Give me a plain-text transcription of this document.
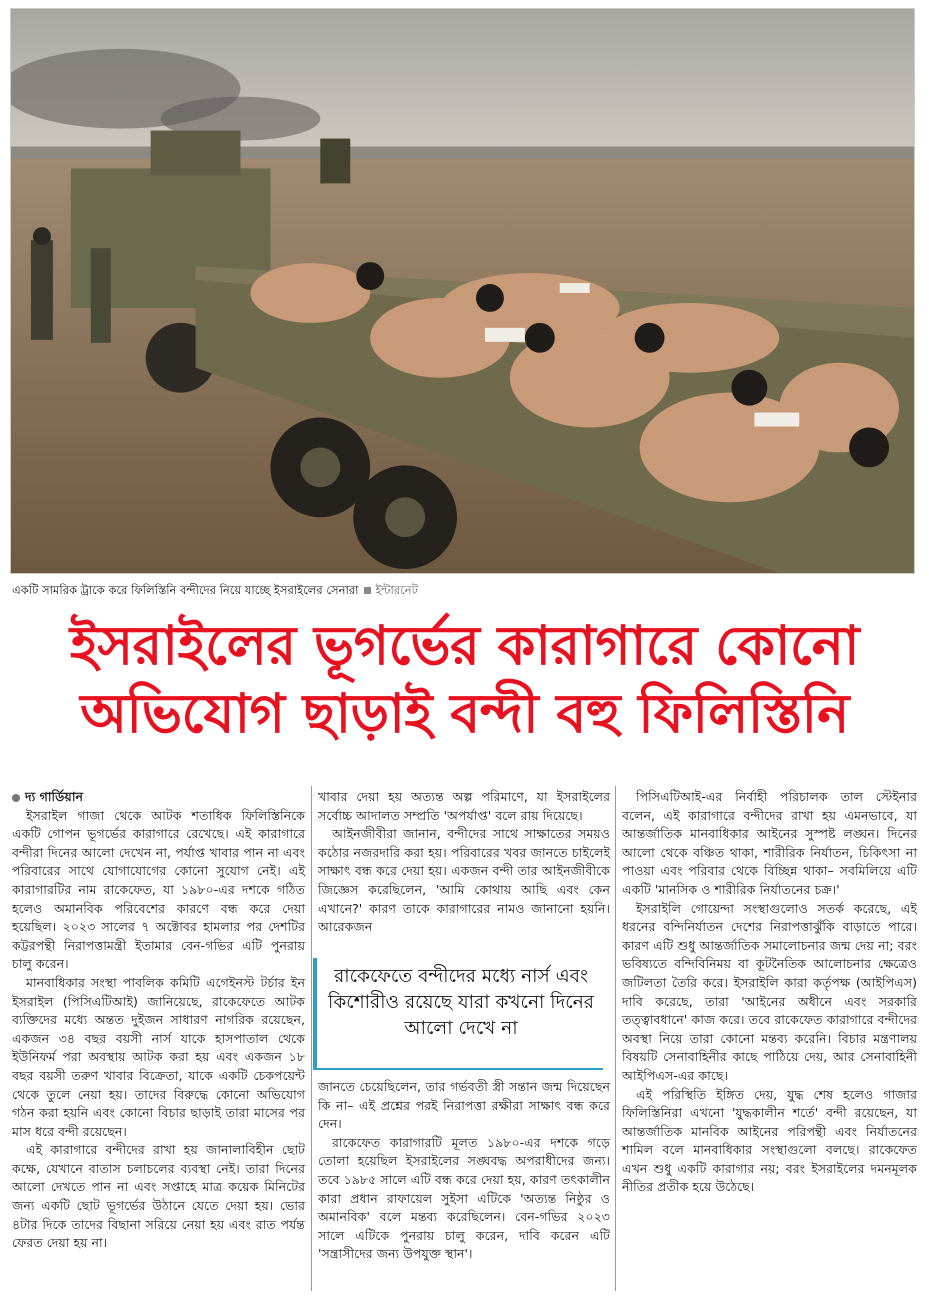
একটি সামরিক ট্রাকে করে ফিলিস্তিনি বন্দীদের নিয়ে যাচ্ছে ইসরাইলের সেনারা ইন্টারনেট
ইসরাইলের ভূগর্ভের কারাগারে কোনো
অভিযোগ ছাড়াই বন্দী বহু ফিলিস্তিনি

দ্য গার্ডিয়ান

ইসরাইল গাজা থেকে আটক শতাধিক ফিলিস্তিনিকে একটি গোপন ভূগর্ভের কারাগারে রেখেছে। এই কারাগারে বন্দীরা দিনের আলো দেখেন না, পর্যাপ্ত খাবার পান না এবং পরিবারের সাথে যোগাযোগের কোনো সুযোগ নেই। এই কারাগারটির নাম রাকেফেত, যা ১৯৮০-এর দশকে গঠিত হলেও অমানবিক পরিবেশের কারণে বন্ধ করে দেয়া হয়েছিল। ২০২৩ সালের ৭ অক্টোবর হামলার পর দেশটির কট্টরপন্থী নিরাপত্তামন্ত্রী ইতামার বেন-গভির এটি পুনরায় চালু করেন।

মানবাধিকার সংস্থা পাবলিক কমিটি এগেইনস্ট টর্চার ইন ইসরাইল (পিসিএটিআই) জানিয়েছে, রাকেফেতে আটক ব্যক্তিদের মধ্যে অন্তত দুইজন সাধারণ নাগরিক রয়েছেন, একজন ৩৪ বছর বয়সী নার্স যাকে হাসপাতাল থেকে ইউনিফর্ম পরা অবস্থায় আটক করা হয় এবং একজন ১৮ বছর বয়সী তরুণ খাবার বিক্রেতা, যাকে একটি চেকপয়েন্ট থেকে তুলে নেয়া হয়। তাদের বিরুদ্ধে কোনো অভিযোগ গঠন করা হয়নি এবং কোনো বিচার ছাড়াই তারা মাসের পর মাস ধরে বন্দী রয়েছেন।

এই কারাগারে বন্দীদের রাখা হয় জানালাবিহীন ছোট কক্ষে, যেখানে বাতাস চলাচলের ব্যবস্থা নেই। তারা দিনের আলো দেখতে পান না এবং সপ্তাহে মাত্র কয়েক মিনিটের জন্য একটি ছোট ভূগর্ভের উঠানে যেতে দেয়া হয়। ভোর ৪টার দিকে তাদের বিছানা সরিয়ে নেয়া হয় এবং রাত পর্যন্ত ফেরত দেয়া হয় না।

খাবার দেয়া হয় অত্যন্ত অল্প পরিমাণে, যা ইসরাইলের সর্বোচ্চ আদালত সম্প্রতি 'অপর্যাপ্ত' বলে রায় দিয়েছে।

আইনজীবীরা জানান, বন্দীদের সাথে সাক্ষাতের সময়ও কঠোর নজরদারি করা হয়। পরিবারের খবর জানতে চাইলেই সাক্ষাৎ বন্ধ করে দেয়া হয়। একজন বন্দী তার আইনজীবীকে জিজ্ঞেস করেছিলেন, 'আমি কোথায় আছি এবং কেন এখানে?' কারণ তাকে কারাগারের নামও জানানো হয়নি। আরেকজন

রাকেফেতে বন্দীদের মধ্যে নার্স এবং কিশোরীও রয়েছে যারা কখনো দিনের আলো দেখে না

জানতে চেয়েছিলেন, তার গর্ভবতী স্ত্রী সন্তান জন্ম দিয়েছেন কি না– এই প্রশ্নের পরই নিরাপত্তা রক্ষীরা সাক্ষাৎ বন্ধ করে দেন।

রাকেফেত কারাগারটি মূলত ১৯৮০-এর দশকে গড়ে তোলা হয়েছিল ইসরাইলের সঙ্ঘবদ্ধ অপরাধীদের জন্য। তবে ১৯৮৫ সালে এটি বন্ধ করে দেয়া হয়, কারণ তৎকালীন কারা প্রধান রাফায়েল সুইসা এটিকে 'অত্যন্ত নিষ্ঠুর ও অমানবিক' বলে মন্তব্য করেছিলেন। বেন-গভির ২০২৩ সালে এটিকে পুনরায় চালু করেন, দাবি করেন এটি 'সন্ত্রাসীদের জন্য উপযুক্ত স্থান'।

পিসিএটিআই-এর নির্বাহী পরিচালক তাল স্টেইনার বলেন, এই কারাগারে বন্দীদের রাখা হয় এমনভাবে, যা আন্তর্জাতিক মানবাধিকার আইনের সুস্পষ্ট লঙ্ঘন। দিনের আলো থেকে বঞ্চিত থাকা, শারীরিক নির্যাতন, চিকিৎসা না পাওয়া এবং পরিবার থেকে বিচ্ছিন্ন থাকা– সবমিলিয়ে এটি একটি 'মানসিক ও শারীরিক নির্যাতনের চক্র।'

ইসরাইলি গোয়েন্দা সংস্থাগুলোও সতর্ক করেছে, এই ধরনের বন্দিনির্যাতন দেশের নিরাপত্তাঝুঁকি বাড়াতে পারে। কারণ এটি শুধু আন্তর্জাতিক সমালোচনার জন্ম দেয় না; বরং ভবিষ্যতে বন্দিবিনিময় বা কূটনৈতিক আলোচনার ক্ষেত্রেও জটিলতা তৈরি করে। ইসরাইলি কারা কর্তৃপক্ষ (আইপিএস) দাবি করেছে, তারা 'আইনের অধীনে এবং সরকারি তত্ত্বাবধানে' কাজ করে। তবে রাকেফেত কারাগারে বন্দীদের অবস্থা নিয়ে তারা কোনো মন্তব্য করেনি। বিচার মন্ত্রণালয় বিষয়টি সেনাবাহিনীর কাছে পাঠিয়ে দেয়, আর সেনাবাহিনী আইপিএস-এর কাছে।

এই পরিস্থিতি ইঙ্গিত দেয়, যুদ্ধ শেষ হলেও গাজার ফিলিস্তিনিরা এখনো 'যুদ্ধকালীন শর্তে' বন্দী রয়েছেন, যা আন্তর্জাতিক মানবিক আইনের পরিপন্থী এবং নির্যাতনের শামিল বলে মানবাধিকার সংস্থাগুলো বলছে। রাকেফেত এখন শুধু একটি কারাগার নয়; বরং ইসরাইলের দমনমূলক নীতির প্রতীক হয়ে উঠেছে।
